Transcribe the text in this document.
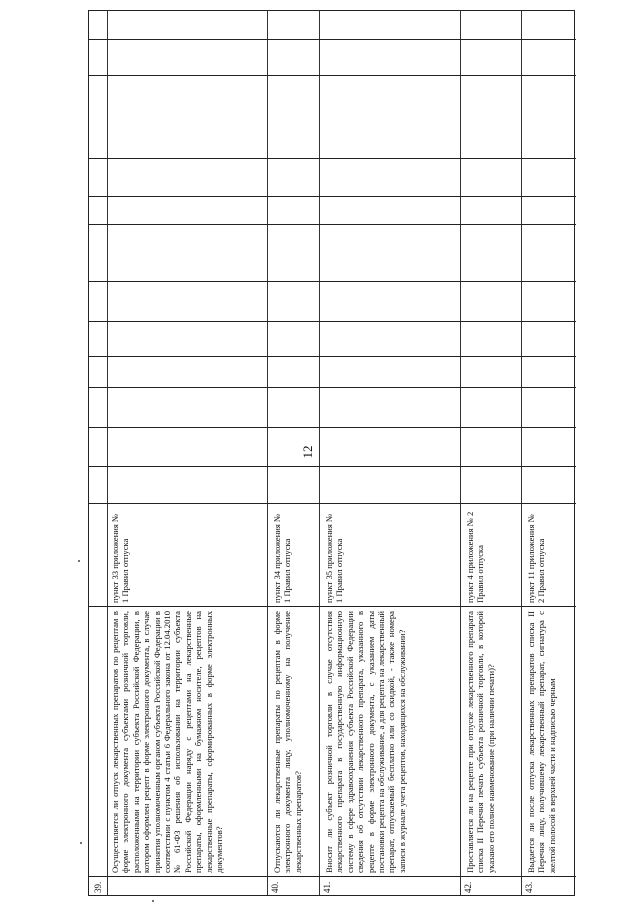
12
39.
Осуществляется ли отпуск лекарственных препаратов по рецептам в форме электронного документа субъектами розничной торговли, расположенными на территории субъекта Российской Федерации, в котором оформлен рецепт в форме электронного документа, в случае принятия уполномоченным органом субъекта Российской Федерации в соответствии с пунктом 4 статьи 6 Федерального закона от 12.04.2010 № 61-ФЗ решения об использовании на территории субъекта Российской Федерации наряду с рецептами на лекарственные препараты, оформленными на бумажном носителе, рецептов на лекарственные препараты, сформированных в форме электронных документов?
пункт 33 приложения № 1 Правил отпуска
40.
Отпускаются ли лекарственные препараты по рецептам в форме электронного документа лицу, уполномоченному на получение лекарственных препаратов?
пункт 34 приложения № 1 Правил отпуска
41.
Вносит ли субъект розничной торговли в случае отсутствия лекарственного препарата в государственную информационную систему в сфере здравоохранения субъекта Российской Федерации сведения об отсутствии лекарственного препарата, указанного в рецепте в форме электронного документа, с указанием даты постановки рецепта на обслуживание, а для рецепта на лекарственный препарат, отпускаемый бесплатно или со скидкой, - также номера записи в журнале учета рецептов, находящихся на обслуживании?
пункт 35 приложения № 1 Правил отпуска
42.
Проставляется ли на рецепте при отпуске лекарственного препарата списка II Перечня печать субъекта розничной торговли, в которой указано его полное наименование (при наличии печати)?
пункт 4 приложения № 2 Правил отпуска
43.
Выдается ли после отпуска лекарственных препаратов списка II Перечня лицу, получившему лекарственный препарат, сигнатура с желтой полосой в верхней части и надписью черным
пункт 11 приложения № 2 Правил отпуска
